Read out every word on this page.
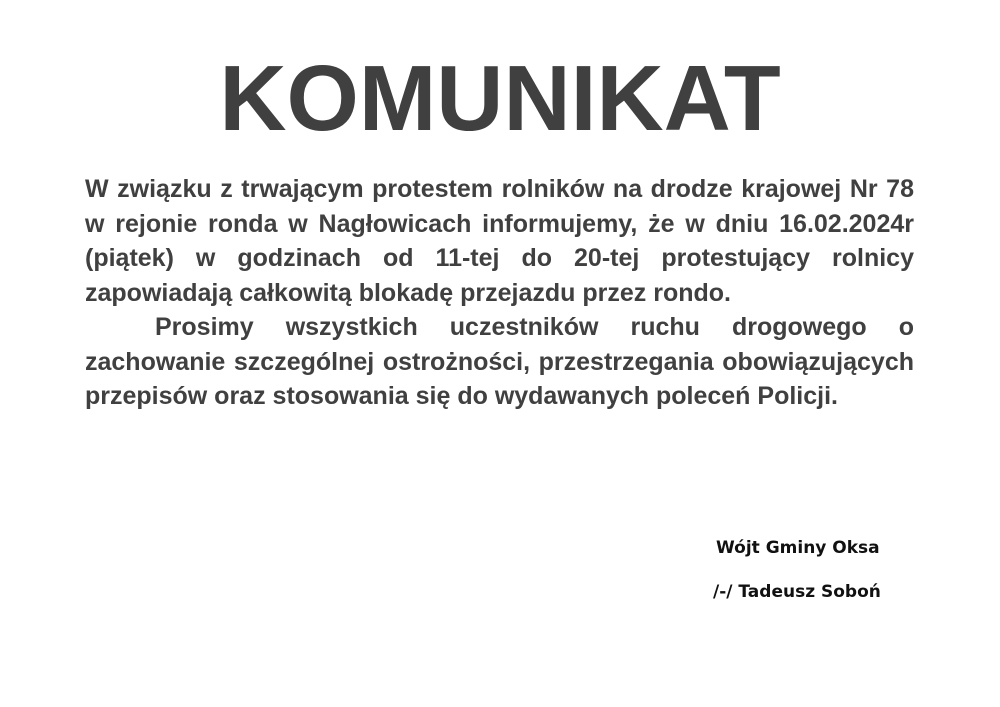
KOMUNIKAT

W związku z trwającym protestem rolników na drodze krajowej Nr 78 w rejonie ronda w Nagłowicach informujemy, że w dniu 16.02.2024r (piątek) w godzinach od 11-tej do 20-tej protestujący rolnicy zapowiadają całkowitą blokadę przejazdu przez rondo.

Prosimy wszystkich uczestników ruchu drogowego o zachowanie szczególnej ostrożności, przestrzegania obowiązujących przepisów oraz stosowania się do wydawanych poleceń Policji.

Wójt Gminy Oksa
/-/ Tadeusz Soboń
